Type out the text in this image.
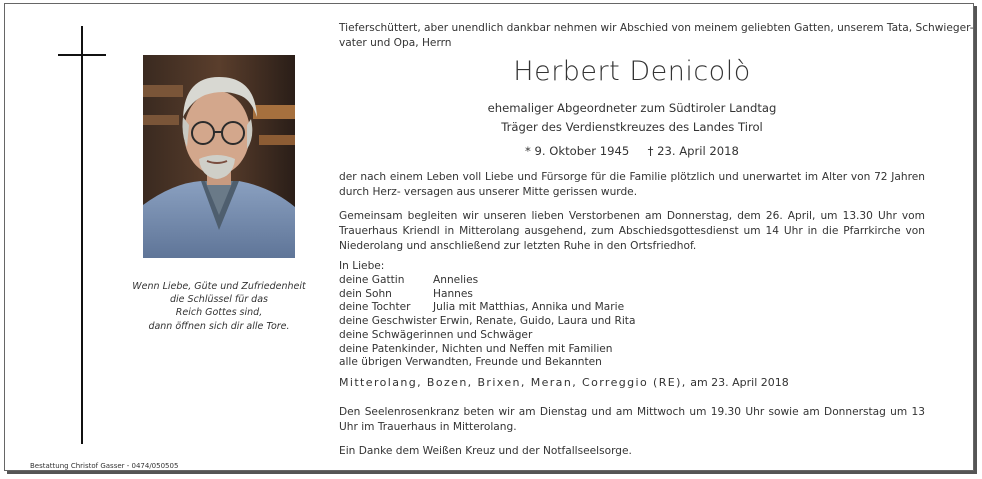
Wenn Liebe, Güte und Zufriedenheit
die Schlüssel für das
Reich Gottes sind,
dann öffnen sich dir alle Tore.
Bestattung Christof Gasser - 0474/050505
Tieferschüttert, aber unendlich dankbar nehmen wir Abschied von meinem geliebten Gatten, unserem Tata, Schwieger-
vater und Opa, Herrn
Herbert Denicolò
ehemaliger Abgeordneter zum Südtiroler Landtag
Träger des Verdienstkreuzes des Landes Tirol
* 9. Oktober 1945     † 23. April 2018
der nach einem Leben voll Liebe und Fürsorge für die Familie plötzlich und unerwartet im Alter von 72 Jahren durch Herz- versagen aus unserer Mitte gerissen wurde.
Gemeinsam begleiten wir unseren lieben Verstorbenen am Donnerstag, dem 26. April, um 13.30 Uhr vom Trauerhaus Kriendl in Mitterolang ausgehend, zum Abschiedsgottesdienst um 14 Uhr in die Pfarrkirche von Niederolang und anschließend zur letzten Ruhe in den Ortsfriedhof.
In Liebe:
deine Gattin	Annelies
dein Sohn	Hannes
deine Tochter Julia mit Matthias, Annika und Marie
deine Geschwister Erwin, Renate, Guido, Laura und Rita
deine Schwägerinnen und Schwäger
deine Patenkinder, Nichten und Neffen mit Familien
alle übrigen Verwandten, Freunde und Bekannten
Mitterolang, Bozen, Brixen, Meran, Correggio (RE), am 23. April 2018
Den Seelenrosenkranz beten wir am Dienstag und am Mittwoch um 19.30 Uhr sowie am Donnerstag um 13 Uhr im Trauerhaus in Mitterolang.
Ein Danke dem Weißen Kreuz und der Notfallseelsorge.
